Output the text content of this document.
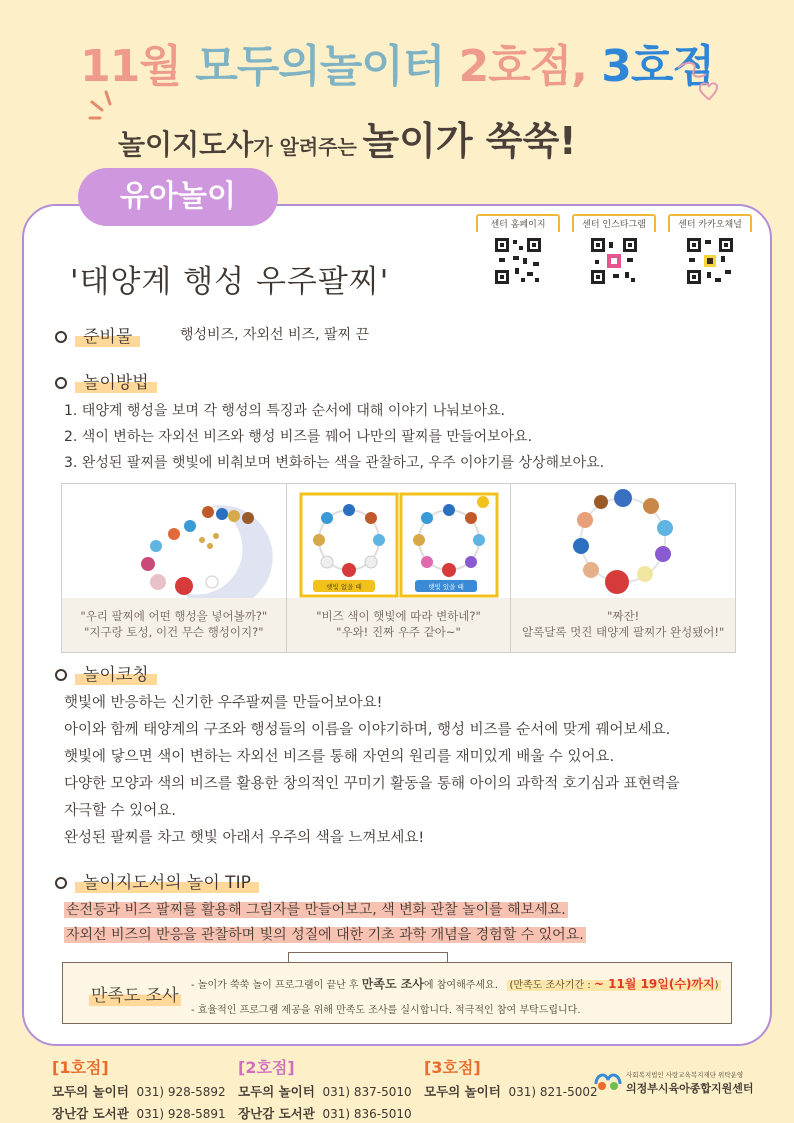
11월 모두의놀이터 2호점, 3호점
놀이지도사가 알려주는 놀이가 쑥쑥!
유아놀이
센터 홈페이지	센터 인스타그램	센터 카카오채널
'태양계 행성 우주팔찌'
준비물	행성비즈, 자외선 비즈, 팔찌 끈
놀이방법
1. 태양계 행성을 보며 각 행성의 특징과 순서에 대해 이야기 나눠보아요.
2. 색이 변하는 자외선 비즈와 행성 비즈를 꿰어 나만의 팔찌를 만들어보아요.
3. 완성된 팔찌를 햇빛에 비춰보며 변화하는 색을 관찰하고, 우주 이야기를 상상해보아요.
"우리 팔찌에 어떤 행성을 넣어볼까?"
"지구랑 토성, 이건 무슨 행성이지?"
햇빛 없을 때	햇빛 있을 때
"비즈 색이 햇빛에 따라 변하네?"
"우와! 진짜 우주 같아~"
"짜잔!
알록달록 멋진 태양계 팔찌가 완성됐어!"
놀이코칭
햇빛에 반응하는 신기한 우주팔찌를 만들어보아요!
아이와 함께 태양계의 구조와 행성들의 이름을 이야기하며, 행성 비즈를 순서에 맞게 꿰어보세요.
햇빛에 닿으면 색이 변하는 자외선 비즈를 통해 자연의 원리를 재미있게 배울 수 있어요.
다양한 모양과 색의 비즈를 활용한 창의적인 꾸미기 활동을 통해 아이의 과학적 호기심과 표현력을
자극할 수 있어요.
완성된 팔찌를 차고 햇빛 아래서 우주의 색을 느껴보세요!
놀이지도서의 놀이 TIP
손전등과 비즈 팔찌를 활용해 그림자를 만들어보고, 색 변화 관찰 놀이를 해보세요.
자외선 비즈의 반응을 관찰하며 빛의 성질에 대한 기초 과학 개념을 경험할 수 있어요.
만족도 조사
- 놀이가 쑥쑥 놀이 프로그램이 끝난 후 만족도 조사에 참여해주세요. (만족도 조사기간 : ~ 11월 19일(수)까지)
- 효율적인 프로그램 제공을 위해 만족도 조사를 실시합니다. 적극적인 참여 부탁드립니다.
[1호점]
모두의 놀이터 031) 928-5892
장난감 도서관 031) 928-5891
[2호점]
모두의 놀이터 031) 837-5010
장난감 도서관 031) 836-5010
[3호점]
모두의 놀이터 031) 821-5002
사회복지법인 사랑교육복지재단 위탁운영
의정부시육아종합지원센터
